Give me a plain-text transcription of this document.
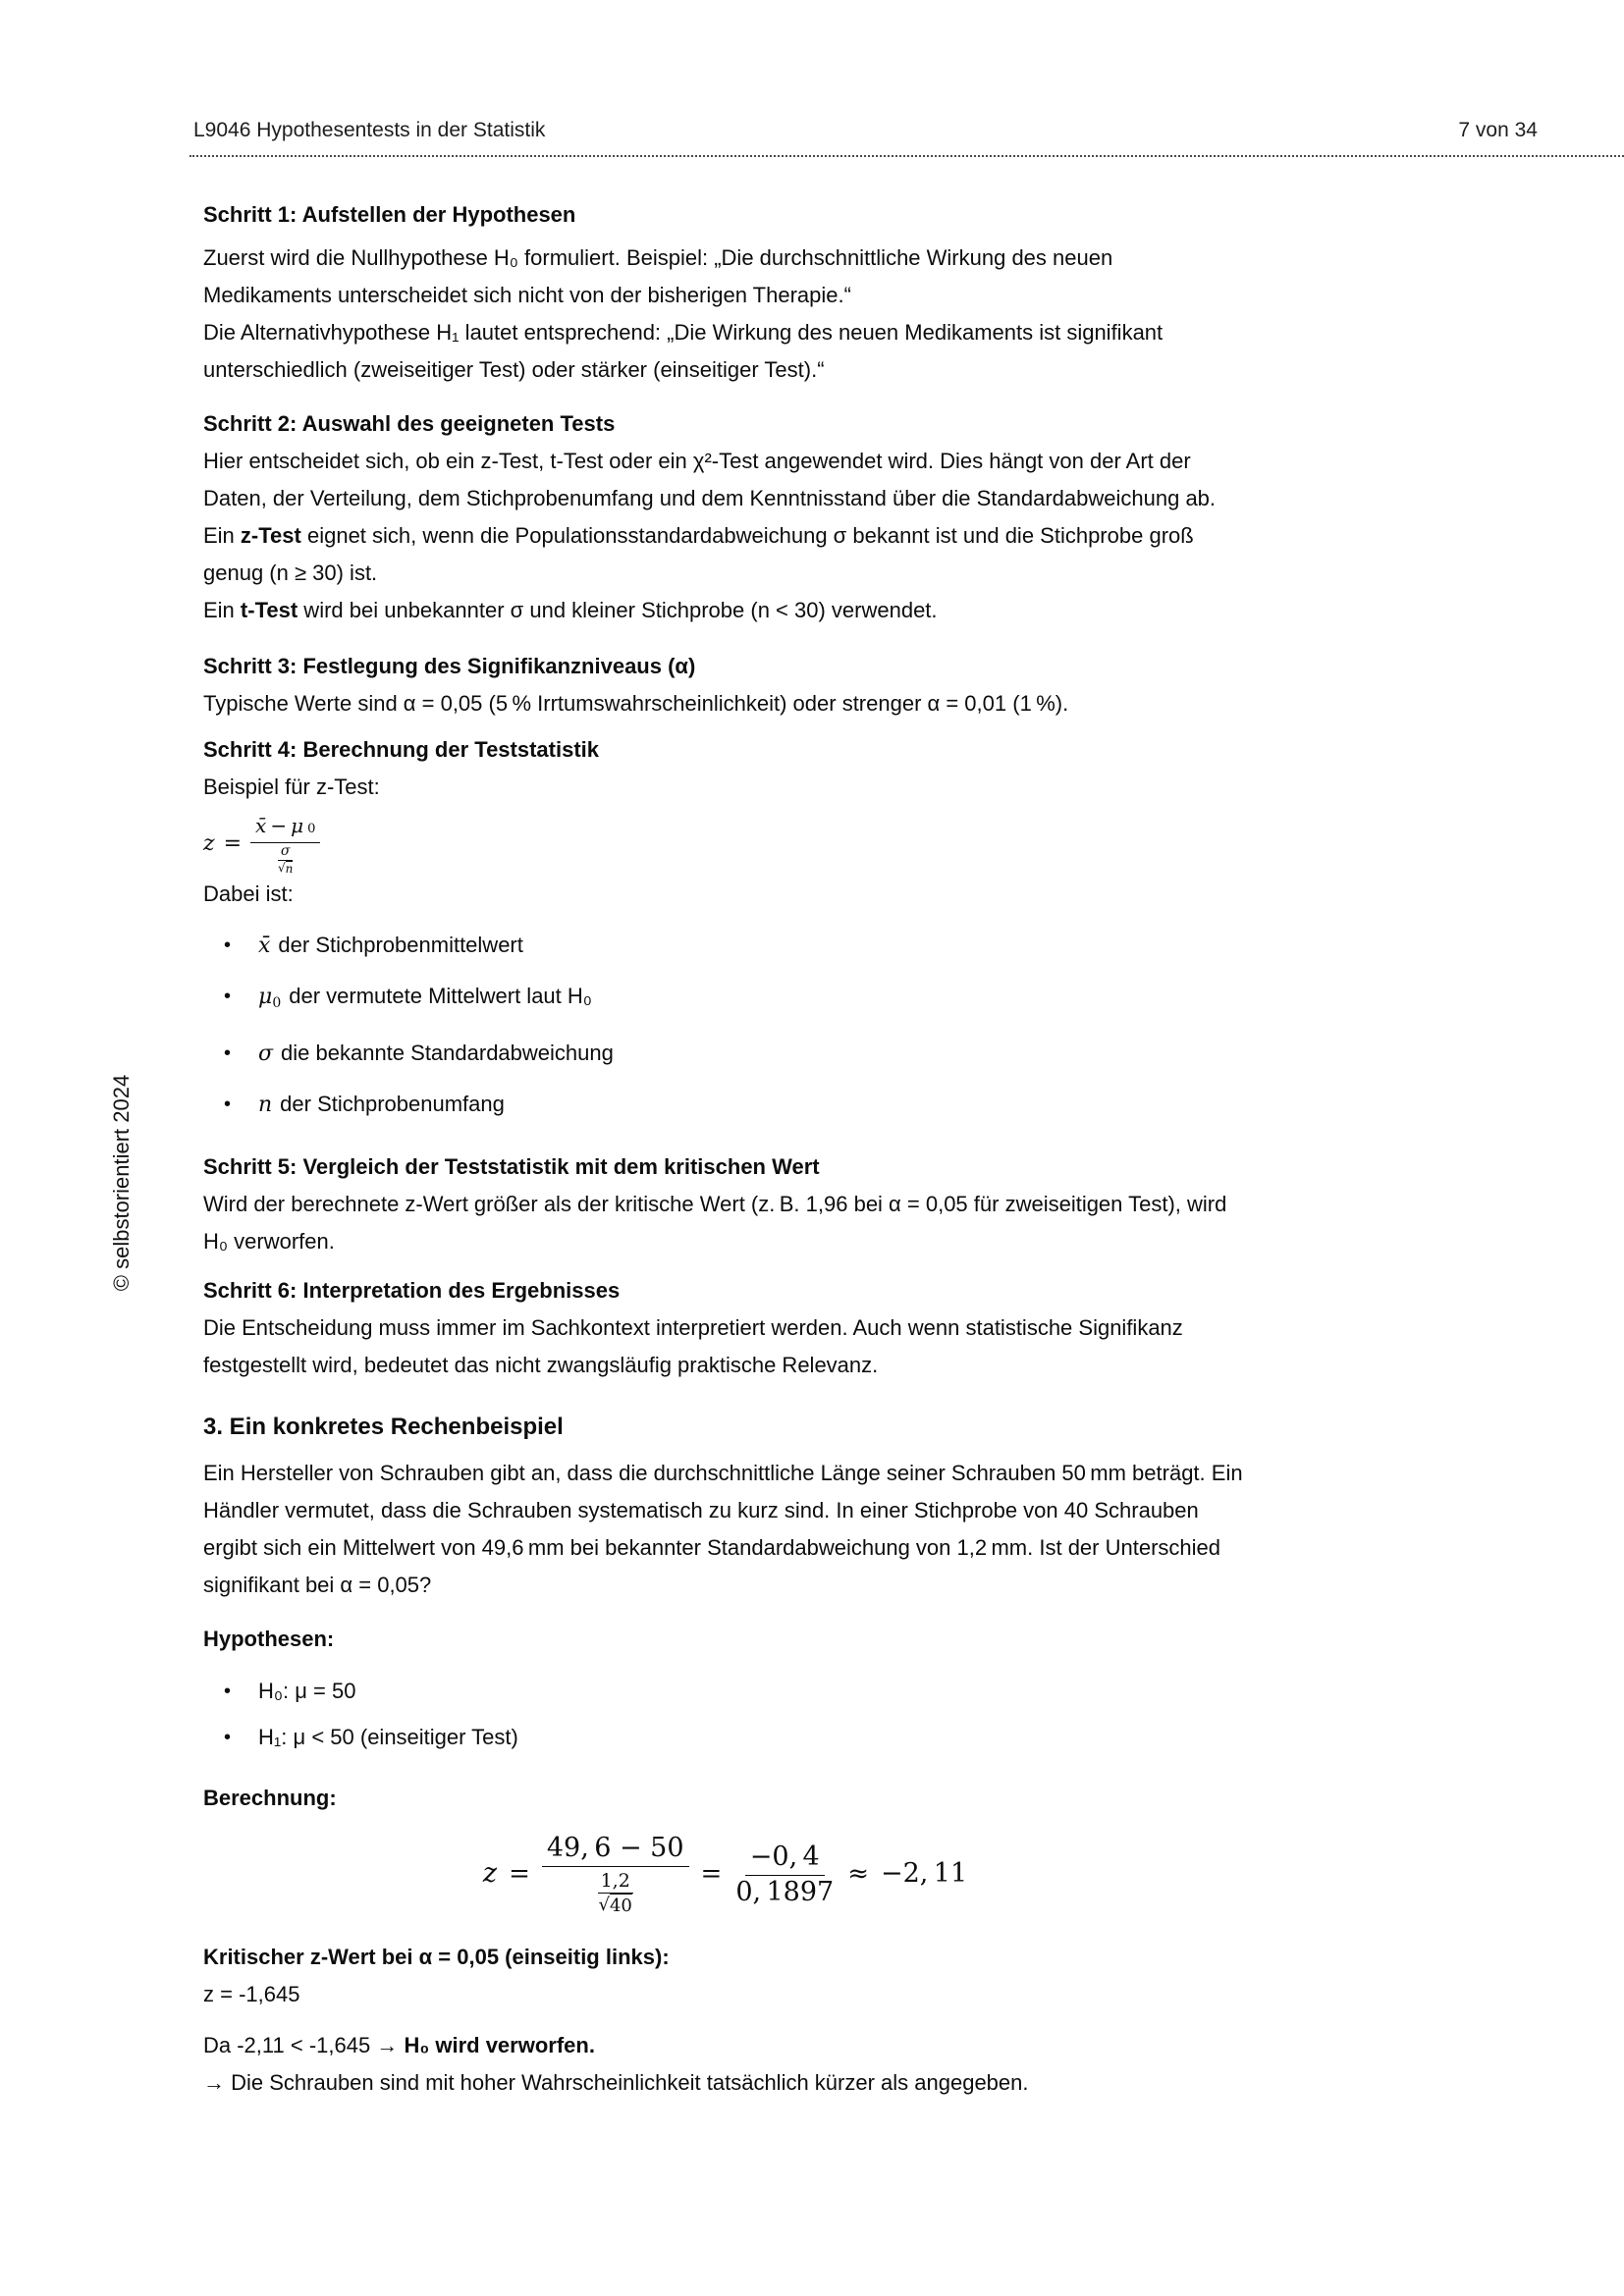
L9046 Hypothesentests in der Statistik	7 von 34
© selbstorientiert 2024
Schritt 1: Aufstellen der Hypothesen

Zuerst wird die Nullhypothese H₀ formuliert. Beispiel: „Die durchschnittliche Wirkung des neuen Medikaments unterscheidet sich nicht von der bisherigen Therapie.“

Die Alternativhypothese H₁ lautet entsprechend: „Die Wirkung des neuen Medikaments ist signifikant unterschiedlich (zweiseitiger Test) oder stärker (einseitiger Test).“

Schritt 2: Auswahl des geeigneten Tests

Hier entscheidet sich, ob ein z-Test, t-Test oder ein χ²-Test angewendet wird. Dies hängt von der Art der Daten, der Verteilung, dem Stichprobenumfang und dem Kenntnisstand über die Standardabweichung ab.

Ein z-Test eignet sich, wenn die Populationsstandardabweichung σ bekannt ist und die Stichprobe groß genug (n ≥ 30) ist.

Ein t-Test wird bei unbekannter σ und kleiner Stichprobe (n < 30) verwendet.

Schritt 3: Festlegung des Signifikanzniveaus (α)

Typische Werte sind α = 0,05 (5 % Irrtumswahrscheinlichkeit) oder strenger α = 0,01 (1 %).

Schritt 4: Berechnung der Teststatistik

Beispiel für z-Test:

$z = \frac{x̄ - \mu 0}{\frac{\sigma}{√ n}}$

Dabei ist:

• x̄ der Stichprobenmittelwert
• μ0 der vermutete Mittelwert laut H₀
• σ die bekannte Standardabweichung
• n der Stichprobenumfang
Schritt 5: Vergleich der Teststatistik mit dem kritischen Wert

Wird der berechnete z-Wert größer als der kritische Wert (z. B. 1,96 bei α = 0,05 für zweiseitigen Test), wird H₀ verworfen.

Schritt 6: Interpretation des Ergebnisses

Die Entscheidung muss immer im Sachkontext interpretiert werden. Auch wenn statistische Signifikanz festgestellt wird, bedeutet das nicht zwangsläufig praktische Relevanz.

3. Ein konkretes Rechenbeispiel

Ein Hersteller von Schrauben gibt an, dass die durchschnittliche Länge seiner Schrauben 50 mm beträgt. Ein Händler vermutet, dass die Schrauben systematisch zu kurz sind. In einer Stichprobe von 40 Schrauben ergibt sich ein Mittelwert von 49,6 mm bei bekannter Standardabweichung von 1,2 mm. Ist der Unterschied signifikant bei α = 0,05?

Hypothesen:
• H₀: μ = 50
• H₁: μ < 50 (einseitiger Test)
Berechnung:
$z = \frac{49, 6 - 50}{\frac{1,2}{√ 40}} = \frac{-0, 4}{0, 1897} \approx -2$, 11
Kritischer z-Wert bei α = 0,05 (einseitig links):

z = -1,645

Da -2,11 < -1,645 → H₀ wird verworfen.

→ Die Schrauben sind mit hoher Wahrscheinlichkeit tatsächlich kürzer als angegeben.
